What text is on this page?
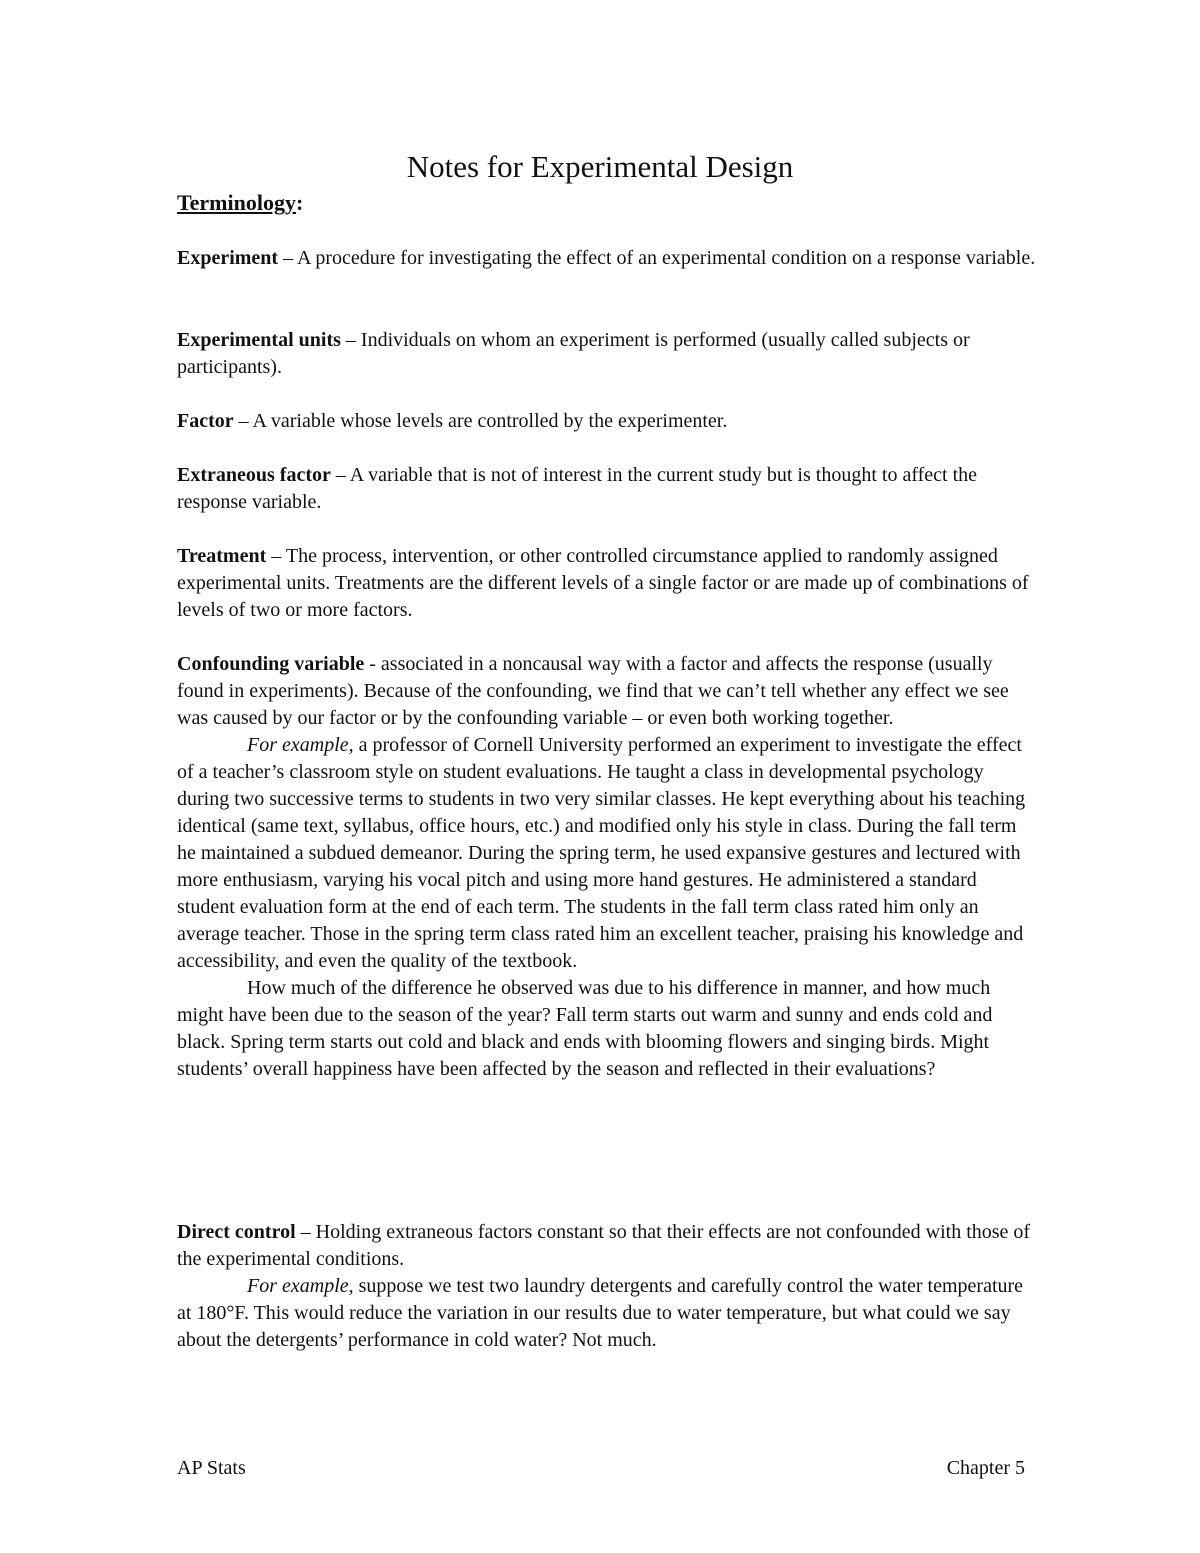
Notes for Experimental Design
Terminology:

Experiment – A procedure for investigating the effect of an experimental condition on a response variable.

Experimental units – Individuals on whom an experiment is performed (usually called subjects or participants).

Factor – A variable whose levels are controlled by the experimenter.

Extraneous factor – A variable that is not of interest in the current study but is thought to affect the response variable.

Treatment – The process, intervention, or other controlled circumstance applied to randomly assigned experimental units. Treatments are the different levels of a single factor or are made up of combinations of levels of two or more factors.

Confounding variable - associated in a noncausal way with a factor and affects the response (usually found in experiments). Because of the confounding, we find that we can’t tell whether any effect we see was caused by our factor or by the confounding variable – or even both working together.

For example, a professor of Cornell University performed an experiment to investigate the effect of a teacher’s classroom style on student evaluations. He taught a class in developmental psychology during two successive terms to students in two very similar classes. He kept everything about his teaching identical (same text, syllabus, office hours, etc.) and modified only his style in class. During the fall term he maintained a subdued demeanor. During the spring term, he used expansive gestures and lectured with more enthusiasm, varying his vocal pitch and using more hand gestures. He administered a standard student evaluation form at the end of each term. The students in the fall term class rated him only an average teacher. Those in the spring term class rated him an excellent teacher, praising his knowledge and accessibility, and even the quality of the textbook.

How much of the difference he observed was due to his difference in manner, and how much might have been due to the season of the year? Fall term starts out warm and sunny and ends cold and black. Spring term starts out cold and black and ends with blooming flowers and singing birds. Might students’ overall happiness have been affected by the season and reflected in their evaluations?

Direct control – Holding extraneous factors constant so that their effects are not confounded with those of the experimental conditions.

For example, suppose we test two laundry detergents and carefully control the water temperature at 180°F. This would reduce the variation in our results due to water temperature, but what could we say about the detergents’ performance in cold water? Not much.

AP Stats	Chapter 5
